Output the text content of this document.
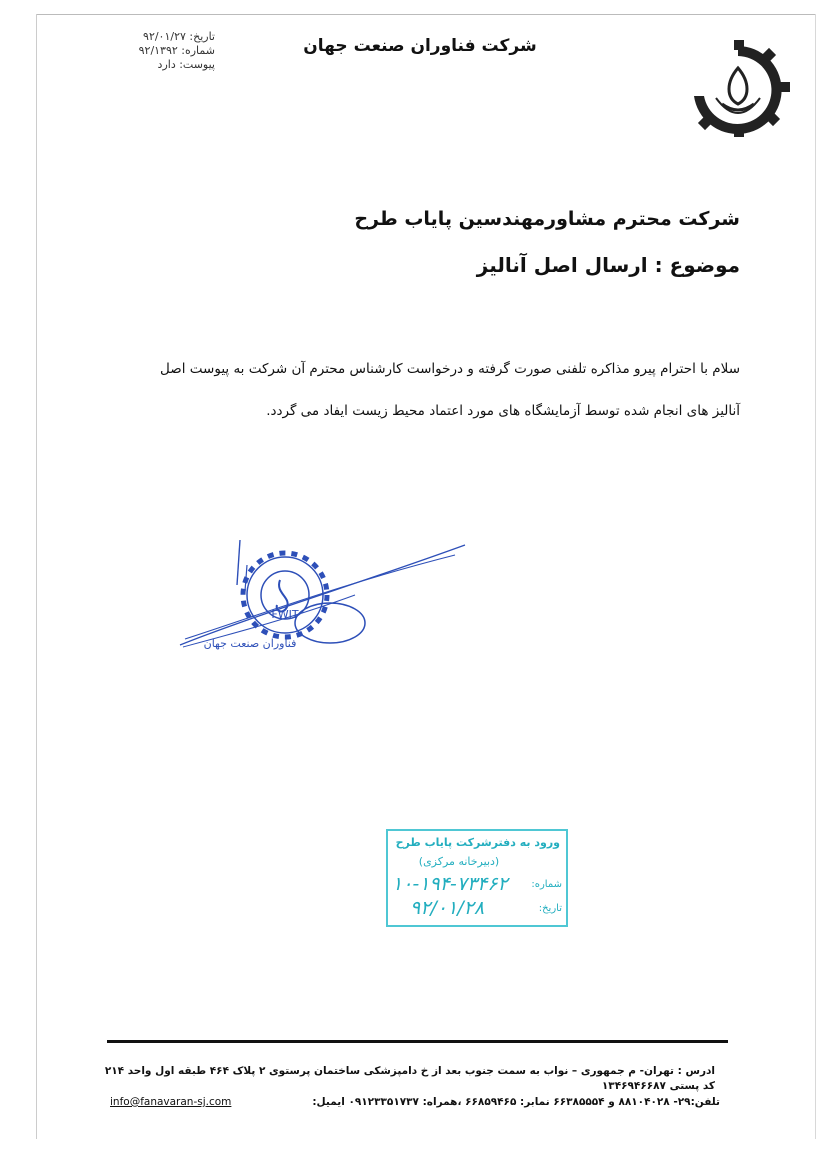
تاریخ: ۹۲/۰۱/۲۷
شماره: ۹۲/۱۳۹۲
پیوست: دارد
شرکت فناوران صنعت جهان
شرکت محترم مشاورمهندسین پایاب طرح
موضوع : ارسال اصل آنالیز
سلام با احترام پیرو مذاکره تلفنی صورت گرفته و درخواست کارشناس محترم آن شرکت به پیوست اصل
آنالیز های انجام شده توسط آزمایشگاه های مورد اعتماد محیط زیست ایفاد می گردد.
FWIT
فناوران صنعت جهان
ورود به دفترشرکت پایاب طرح
(دبیرخانه مرکزی)
شماره:
۱۰-۱۹۴-۷۳۴۶۲
تاریخ:
۹۲/۰۱/۲۸
ادرس : تهران- م جمهوری – نواب به سمت جنوب بعد از خ دامپزشکی ساختمان پرستوی ۲ پلاک ۴۶۴ طبقه اول واحد ۲۱۴ کد پستی ۱۳۴۶۹۴۶۶۸۷
info@fanavaran-sj.com	تلفن:۲۹- ۸۸۱۰۴۰۲۸ و ۶۶۳۸۵۵۵۴ نمابر: ۶۶۸۵۹۴۶۵ ،همراه: ۰۹۱۲۳۳۵۱۷۳۷ ایمیل:
